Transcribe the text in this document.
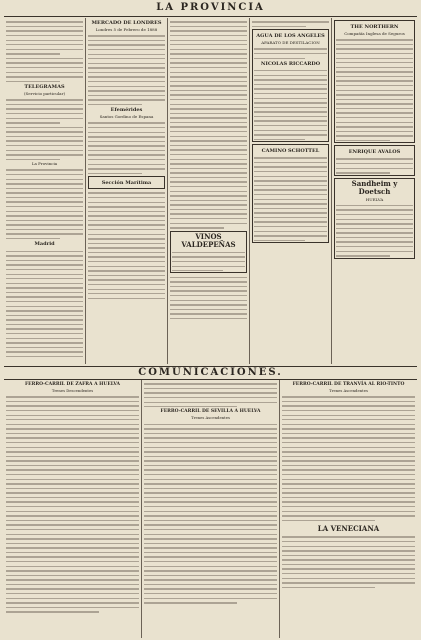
LA PROVINCIA
TELEGRAMAS
(Servicio particular)
La Provincia
Madrid
MERCADO DE LONDRES
Londres 5 de Febrero de 1888
Efemérides
Santos Gordino de Espana
Sección Marítima
VINOS VALDEPEÑAS
AGUA DE LOS ANGELES
APARATO DE DESTILACION
NICOLAS RICCARDO
CAMINO SCHOTTEL
THE NORTHERN
Compañía Inglesa de Seguros
ENRIQUE AVALOS
Sandheim y Doetsch
HUELVA
COMUNICACIONES.
FERRO-CARRIL DE ZAFRA A HUELVA
Trenes Descendentes
FERRO-CARRIL DE SEVILLA A HUELVA
Trenes Ascendentes
FERRO-CARRIL DE TRANVÍA AL RIO-TINTO
Trenes Ascendentes
LA VENECIANA
